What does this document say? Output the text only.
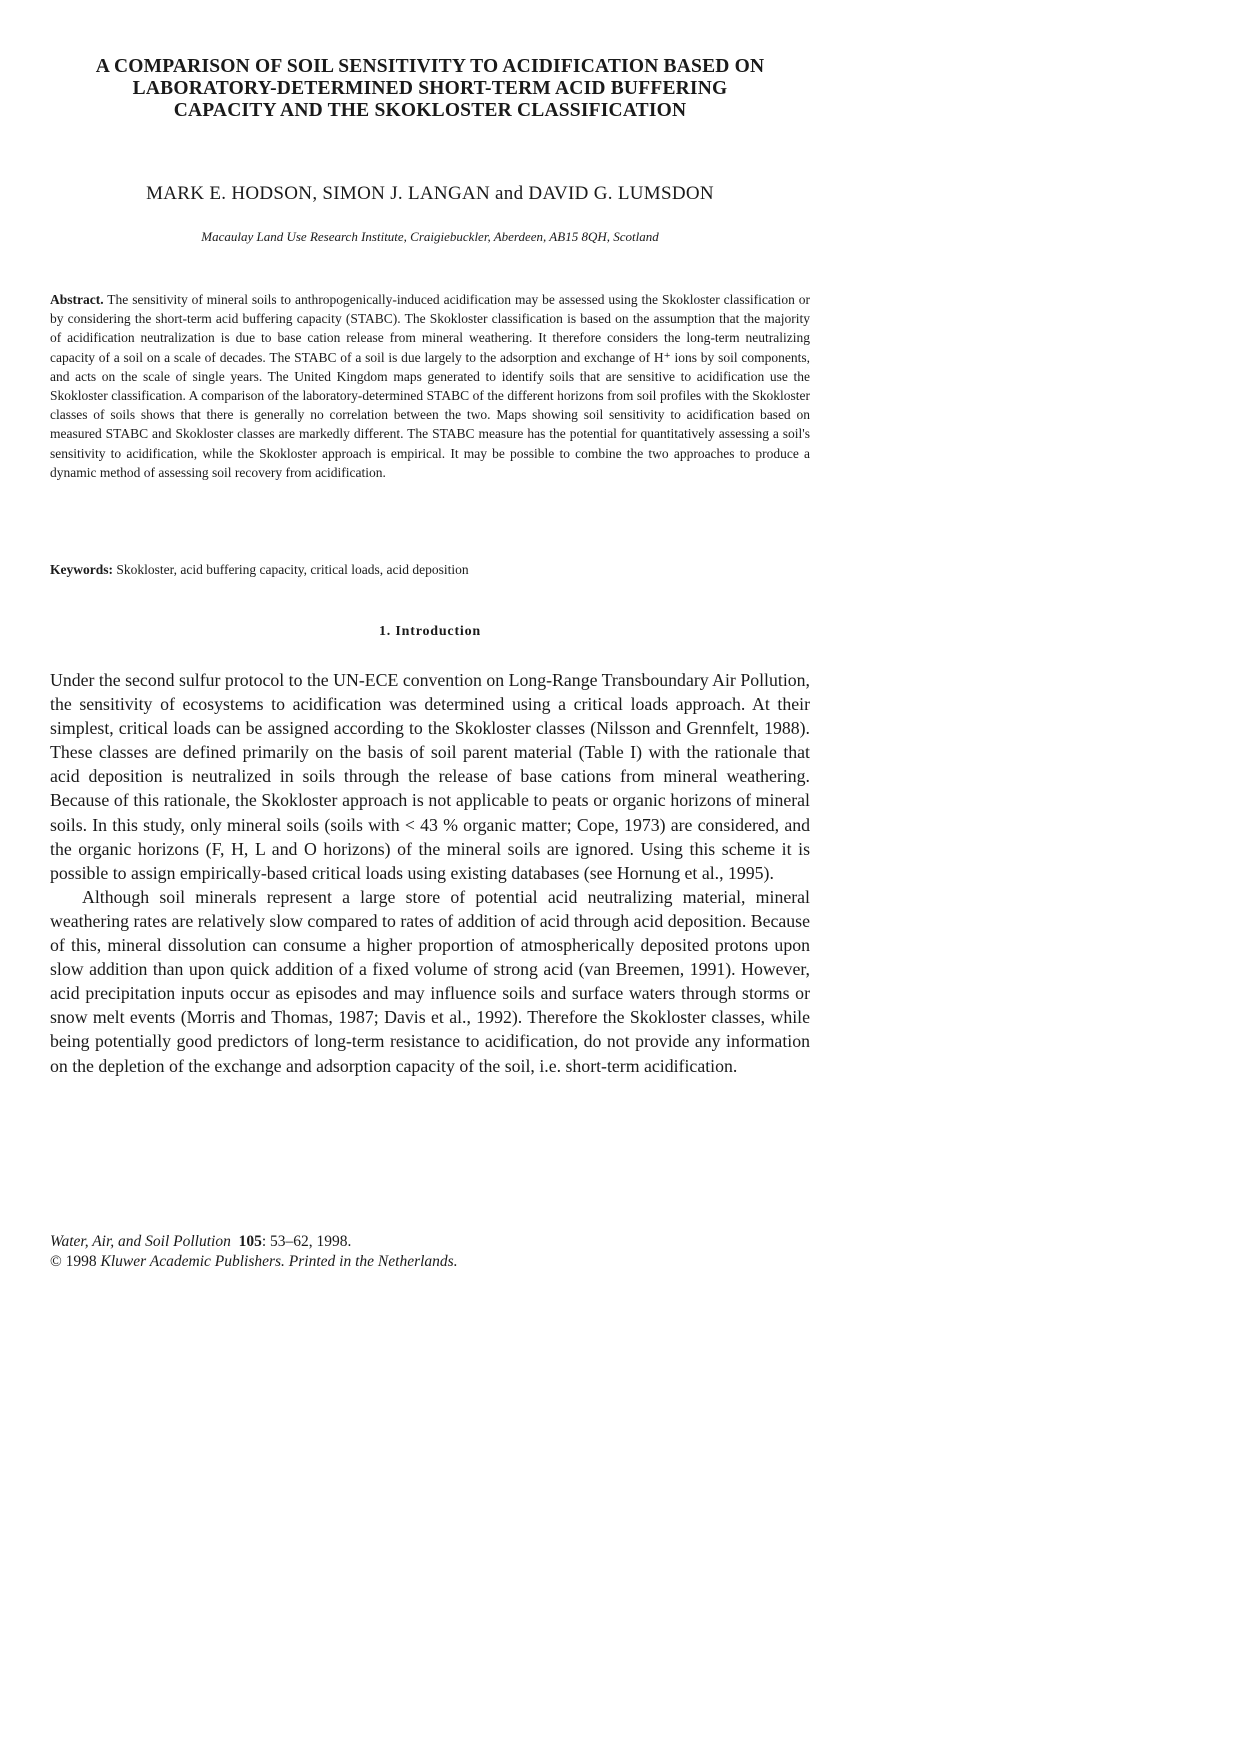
A COMPARISON OF SOIL SENSITIVITY TO ACIDIFICATION BASED ON
LABORATORY-DETERMINED SHORT-TERM ACID BUFFERING
CAPACITY AND THE SKOKLOSTER CLASSIFICATION
MARK E. HODSON, SIMON J. LANGAN and DAVID G. LUMSDON
Macaulay Land Use Research Institute, Craigiebuckler, Aberdeen, AB15 8QH, Scotland

Abstract. The sensitivity of mineral soils to anthropogenically-induced acidification may be assessed using the Skokloster classification or by considering the short-term acid buffering capacity (STABC). The Skokloster classification is based on the assumption that the majority of acidification neutralization is due to base cation release from mineral weathering. It therefore considers the long-term neutralizing capacity of a soil on a scale of decades. The STABC of a soil is due largely to the adsorption and exchange of H⁺ ions by soil components, and acts on the scale of single years. The United Kingdom maps generated to identify soils that are sensitive to acidification use the Skokloster classification. A comparison of the laboratory-determined STABC of the different horizons from soil profiles with the Skokloster classes of soils shows that there is generally no correlation between the two. Maps showing soil sensitivity to acidification based on measured STABC and Skokloster classes are markedly different. The STABC measure has the potential for quantitatively assessing a soil's sensitivity to acidification, while the Skokloster approach is empirical. It may be possible to combine the two approaches to produce a dynamic method of assessing soil recovery from acidification.

Keywords: Skokloster, acid buffering capacity, critical loads, acid deposition

1. Introduction

Under the second sulfur protocol to the UN-ECE convention on Long-Range Transboundary Air Pollution, the sensitivity of ecosystems to acidification was determined using a critical loads approach. At their simplest, critical loads can be assigned according to the Skokloster classes (Nilsson and Grennfelt, 1988). These classes are defined primarily on the basis of soil parent material (Table I) with the rationale that acid deposition is neutralized in soils through the release of base cations from mineral weathering. Because of this rationale, the Skokloster approach is not applicable to peats or organic horizons of mineral soils. In this study, only mineral soils (soils with < 43 % organic matter; Cope, 1973) are considered, and the organic horizons (F, H, L and O horizons) of the mineral soils are ignored. Using this scheme it is possible to assign empirically-based critical loads using existing databases (see Hornung et al., 1995).

Although soil minerals represent a large store of potential acid neutralizing material, mineral weathering rates are relatively slow compared to rates of addition of acid through acid deposition. Because of this, mineral dissolution can consume a higher proportion of atmospherically deposited protons upon slow addition than upon quick addition of a fixed volume of strong acid (van Breemen, 1991). However, acid precipitation inputs occur as episodes and may influence soils and surface waters through storms or snow melt events (Morris and Thomas, 1987; Davis et al., 1992). Therefore the Skokloster classes, while being potentially good predictors of long-term resistance to acidification, do not provide any information on the depletion of the exchange and adsorption capacity of the soil, i.e. short-term acidification.

Water, Air, and Soil Pollution 105: 53–62, 1998.
© 1998 Kluwer Academic Publishers. Printed in the Netherlands.
